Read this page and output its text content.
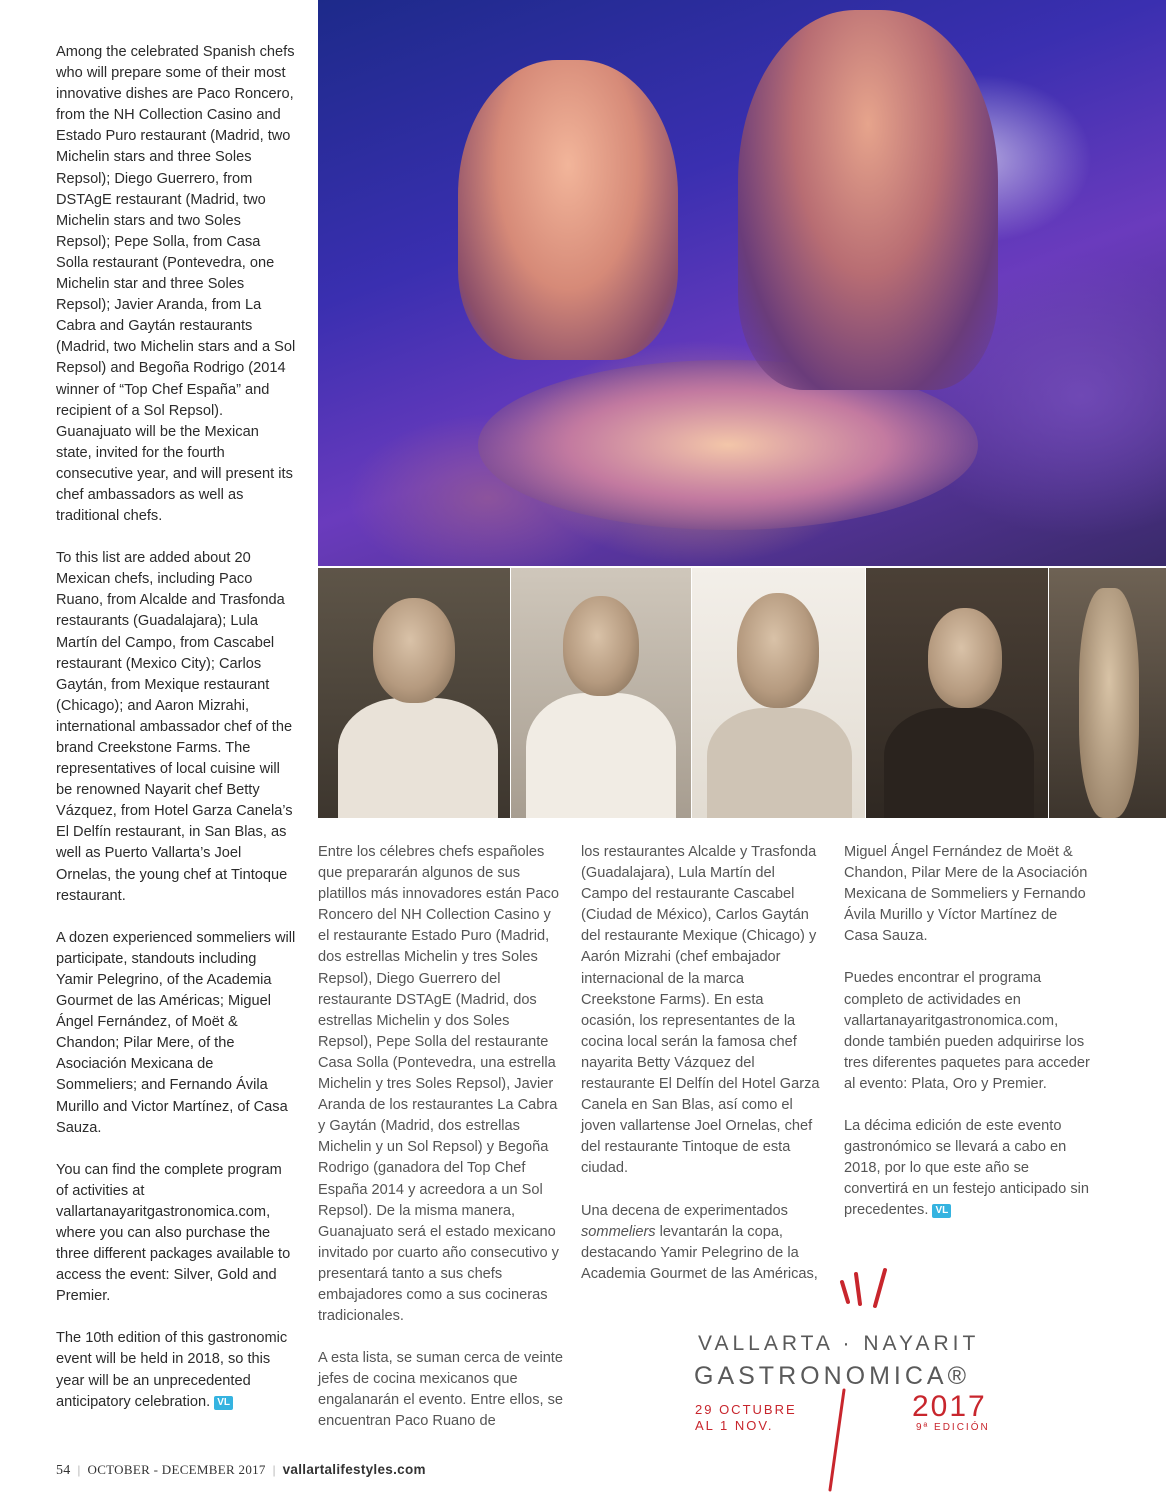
Among the celebrated Spanish chefs who will prepare some of their most innovative dishes are Paco Roncero, from the NH Collection Casino and Estado Puro restaurant (Madrid, two Michelin stars and three Soles Repsol); Diego Guerrero, from DSTAgE restaurant (Madrid, two Michelin stars and two Soles Repsol); Pepe Solla, from Casa Solla restaurant (Pontevedra, one Michelin star and three Soles Repsol); Javier Aranda, from La Cabra and Gaytán restaurants (Madrid, two Michelin stars and a Sol Repsol) and Begoña Rodrigo (2014 winner of “Top Chef España” and recipient of a Sol Repsol). Guanajuato will be the Mexican state, invited for the fourth consecutive year, and will present its chef ambassadors as well as traditional chefs.

To this list are added about 20 Mexican chefs, including Paco Ruano, from Alcalde and Trasfonda restaurants (Guadalajara); Lula Martín del Campo, from Cascabel restaurant (Mexico City); Carlos Gaytán, from Mexique restaurant (Chicago); and Aaron Mizrahi, international ambassador chef of the brand Creekstone Farms. The representatives of local cuisine will be renowned Nayarit chef Betty Vázquez, from Hotel Garza Canela’s El Delfín restaurant, in San Blas, as well as Puerto Vallarta’s Joel Ornelas, the young chef at Tintoque restaurant.

A dozen experienced sommeliers will participate, standouts including Yamir Pelegrino, of the Academia Gourmet de las Américas; Miguel Ángel Fernández, of Moët & Chandon; Pilar Mere, of the Asociación Mexicana de Sommeliers; and Fernando Ávila Murillo and Victor Martínez, of Casa Sauza.

You can find the complete program of activities at vallartanayaritgastronomica.com, where you can also purchase the three different packages available to access the event: Silver, Gold and Premier.

The 10th edition of this gastronomic event will be held in 2018, so this year will be an unprecedented anticipatory celebration. VL

Entre los célebres chefs españoles que prepararán algunos de sus platillos más innovadores están Paco Roncero del NH Collection Casino y el restaurante Estado Puro (Madrid, dos estrellas Michelin y tres Soles Repsol), Diego Guerrero del restaurante DSTAgE (Madrid, dos estrellas Michelin y dos Soles Repsol), Pepe Solla del restaurante Casa Solla (Pontevedra, una estrella Michelin y tres Soles Repsol), Javier Aranda de los restaurantes La Cabra y Gaytán (Madrid, dos estrellas Michelin y un Sol Repsol) y Begoña Rodrigo (ganadora del Top Chef España 2014 y acreedora a un Sol Repsol). De la misma manera, Guanajuato será el estado mexicano invitado por cuarto año consecutivo y presentará tanto a sus chefs embajadores como a sus cocineras tradicionales.

A esta lista, se suman cerca de veinte jefes de cocina mexicanos que engalanarán el evento. Entre ellos, se encuentran Paco Ruano de

los restaurantes Alcalde y Trasfonda (Guadalajara), Lula Martín del Campo del restaurante Cascabel (Ciudad de México), Carlos Gaytán del restaurante Mexique (Chicago) y Aarón Mizrahi (chef embajador internacional de la marca Creekstone Farms). En esta ocasión, los representantes de la cocina local serán la famosa chef nayarita Betty Vázquez del restaurante El Delfín del Hotel Garza Canela en San Blas, así como el joven vallartense Joel Ornelas, chef del restaurante Tintoque de esta ciudad.

Una decena de experimentados sommeliers levantarán la copa, destacando Yamir Pelegrino de la Academia Gourmet de las Américas,

Miguel Ángel Fernández de Moët & Chandon, Pilar Mere de la Asociación Mexicana de Sommeliers y Fernando Ávila Murillo y Víctor Martínez de Casa Sauza.

Puedes encontrar el programa completo de actividades en vallartanayaritgastronomica.com, donde también pueden adquirirse los tres diferentes paquetes para acceder al evento: Plata, Oro y Premier.

La décima edición de este evento gastronómico se llevará a cabo en 2018, por lo que este año se convertirá en un festejo anticipado sin precedentes. VL

VALLARTA · NAYARIT
GASTRONOMICA®
29 OCTUBRE
AL 1 NOV.
2017
9ª EDICIÓN
54 | OCTOBER - DECEMBER 2017 | vallartalifestyles.com
